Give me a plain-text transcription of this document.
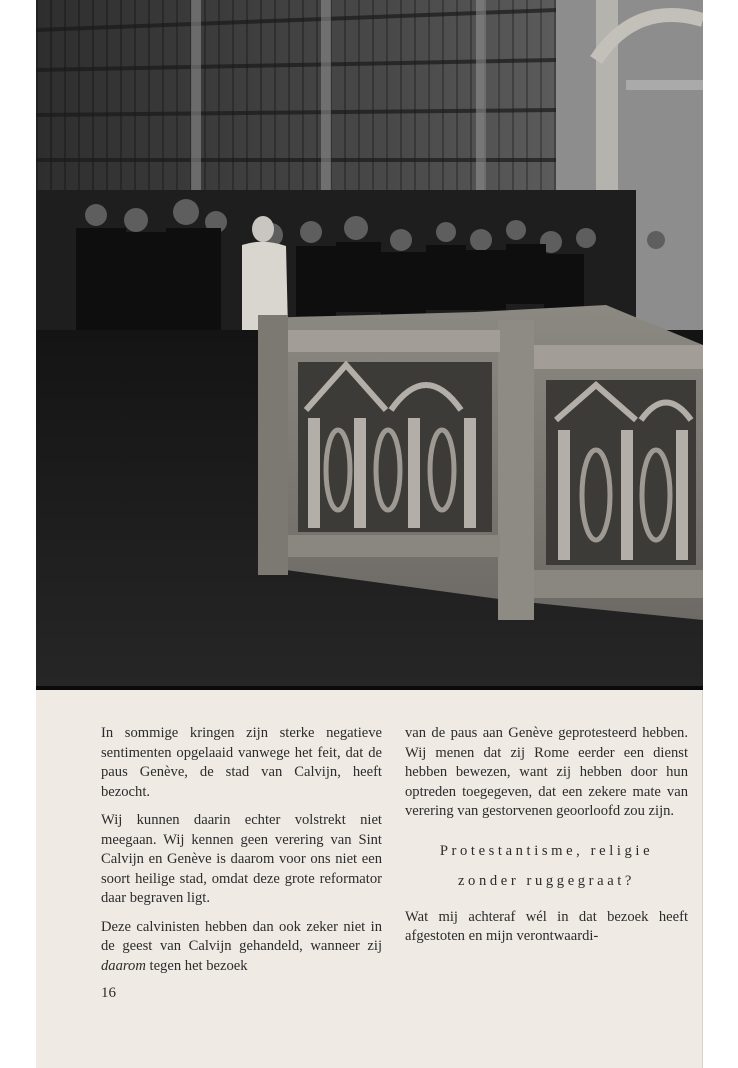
In sommige kringen zijn sterke negatieve sentimenten opgelaaid vanwege het feit, dat de paus Genève, de stad van Calvijn, heeft bezocht.

Wij kunnen daarin echter volstrekt niet meegaan. Wij kennen geen verering van Sint Calvijn en Genève is daarom voor ons niet een soort heilige stad, omdat deze grote reformator daar begraven ligt.

Deze calvinisten hebben dan ook zeker niet in de geest van Calvijn gehandeld, wanneer zij daarom tegen het bezoek

van de paus aan Genève geprotesteerd hebben. Wij menen dat zij Rome eerder een dienst hebben bewezen, want zij hebben door hun optreden toegegeven, dat een zekere mate van verering van gestorvenen geoorloofd zou zijn.

Protestantisme, religie
zonder ruggegraat?

Wat mij achteraf wél in dat bezoek heeft afgestoten en mijn verontwaardi-

16
